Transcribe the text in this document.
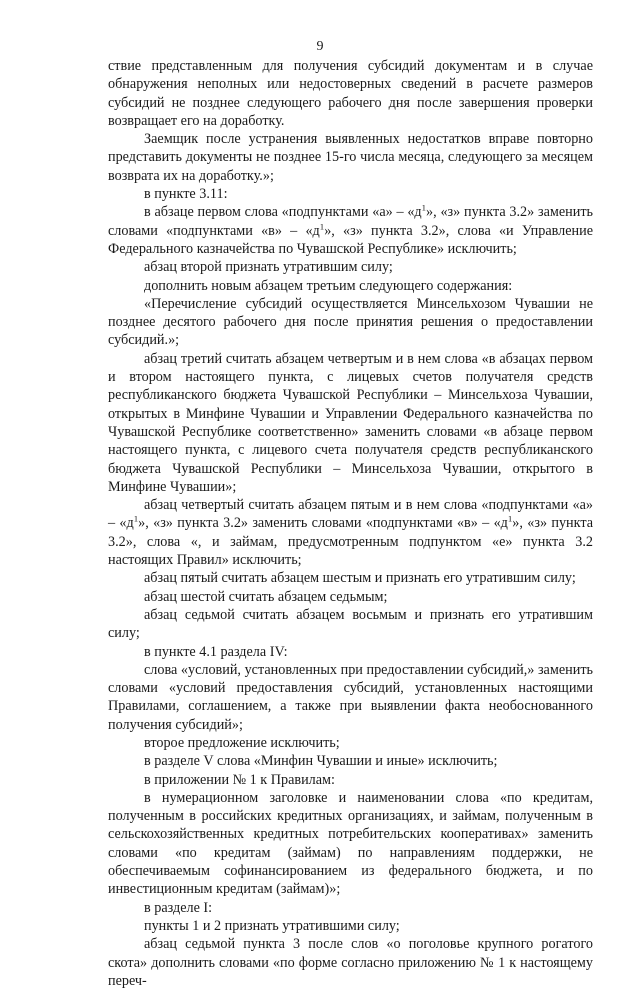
9

ствие представленным для получения субсидий документам и в случае обнаружения неполных или недостоверных сведений в расчете размеров субсидий не позднее следующего рабочего дня после завершения проверки возвращает его на доработку.

Заемщик после устранения выявленных недостатков вправе повторно представить документы не позднее 15-го числа месяца, следующего за месяцем возврата их на доработку.»;

в пункте 3.11:

в абзаце первом слова «подпунктами «а» – «$д^1$», «з» пункта 3.2» заменить словами «подпунктами «в» – «$д^1$», «з» пункта 3.2», слова «и Управление Федерального казначейства по Чувашской Республике» исключить;

абзац второй признать утратившим силу;

дополнить новым абзацем третьим следующего содержания:

«Перечисление субсидий осуществляется Минсельхозом Чувашии не позднее десятого рабочего дня после принятия решения о предоставлении субсидий.»;

абзац третий считать абзацем четвертым и в нем слова «в абзацах первом и втором настоящего пункта, с лицевых счетов получателя средств республиканского бюджета Чувашской Республики – Минсельхоза Чувашии, открытых в Минфине Чувашии и Управлении Федерального казначейства по Чувашской Республике соответственно» заменить словами «в абзаце первом настоящего пункта, с лицевого счета получателя средств республиканского бюджета Чувашской Республики – Минсельхоза Чувашии, открытого в Минфине Чувашии»;

абзац четвертый считать абзацем пятым и в нем слова «подпунктами «а» – «$д^1$», «з» пункта 3.2» заменить словами «подпунктами «в» – «$д^1$», «з» пункта 3.2», слова «, и займам, предусмотренным подпунктом «е» пункта 3.2 настоящих Правил» исключить;

абзац пятый считать абзацем шестым и признать его утратившим силу;

абзац шестой считать абзацем седьмым;

абзац седьмой считать абзацем восьмым и признать его утратившим силу;

в пункте 4.1 раздела IV:

слова «условий, установленных при предоставлении субсидий,» заменить словами «условий предоставления субсидий, установленных настоящими Правилами, соглашением, а также при выявлении факта необоснованного получения субсидий»;

второе предложение исключить;

в разделе V слова «Минфин Чувашии и иные» исключить;

в приложении № 1 к Правилам:

в нумерационном заголовке и наименовании слова «по кредитам, полученным в российских кредитных организациях, и займам, полученным в сельскохозяйственных кредитных потребительских кооперативах» заменить словами «по кредитам (займам) по направлениям поддержки, не обеспечиваемым софинансированием из федерального бюджета, и по инвестиционным кредитам (займам)»;

в разделе I:

пункты 1 и 2 признать утратившими силу;

абзац седьмой пункта 3 после слов «о поголовье крупного рогатого скота» дополнить словами «по форме согласно приложению № 1 к настоящему переч-
